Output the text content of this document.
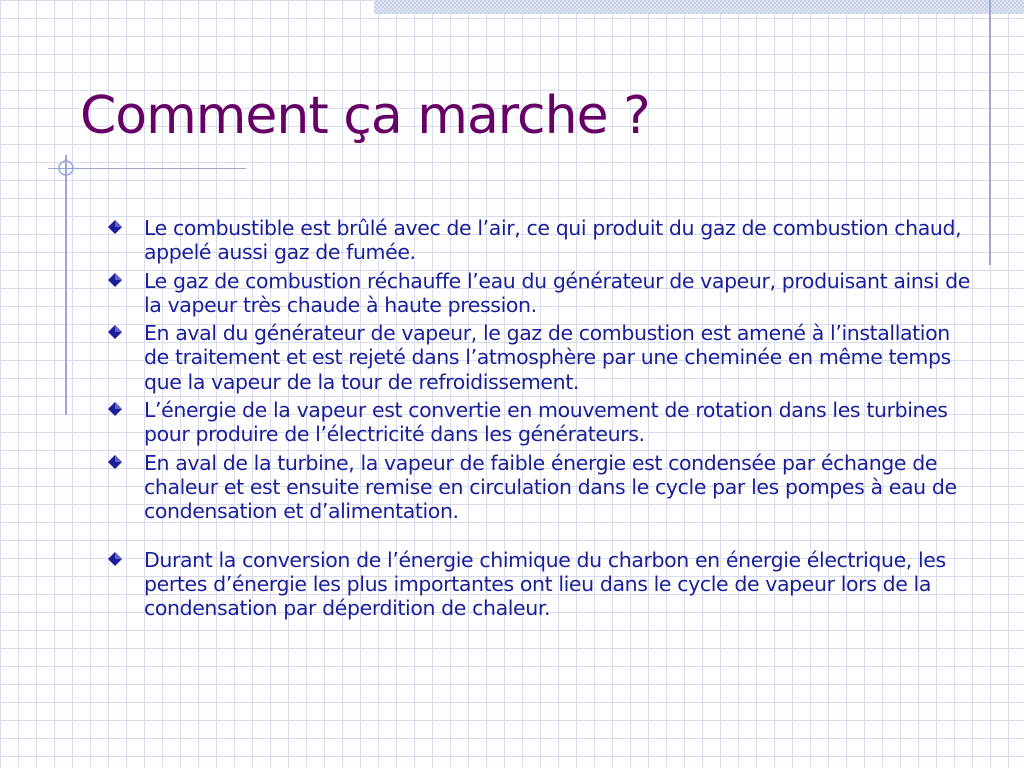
Comment ça marche ?
Le combustible est brûlé avec de l’air, ce qui produit du gaz de combustion chaud, appelé aussi gaz de fumée.
Le gaz de combustion réchauffe l’eau du générateur de vapeur, produisant ainsi de la vapeur très chaude à haute pression.
En aval du générateur de vapeur, le gaz de combustion est amené à l’installation de traitement et est rejeté dans l’atmosphère par une cheminée en même temps que la vapeur de la tour de refroidissement.
L’énergie de la vapeur est convertie en mouvement de rotation dans les turbines pour produire de l’électricité dans les générateurs.
En aval de la turbine, la vapeur de faible énergie est condensée par échange de chaleur et est ensuite remise en circulation dans le cycle par les pompes à eau de condensation et d’alimentation.
Durant la conversion de l’énergie chimique du charbon en énergie électrique, les pertes d’énergie les plus importantes ont lieu dans le cycle de vapeur lors de la condensation par déperdition de chaleur.
